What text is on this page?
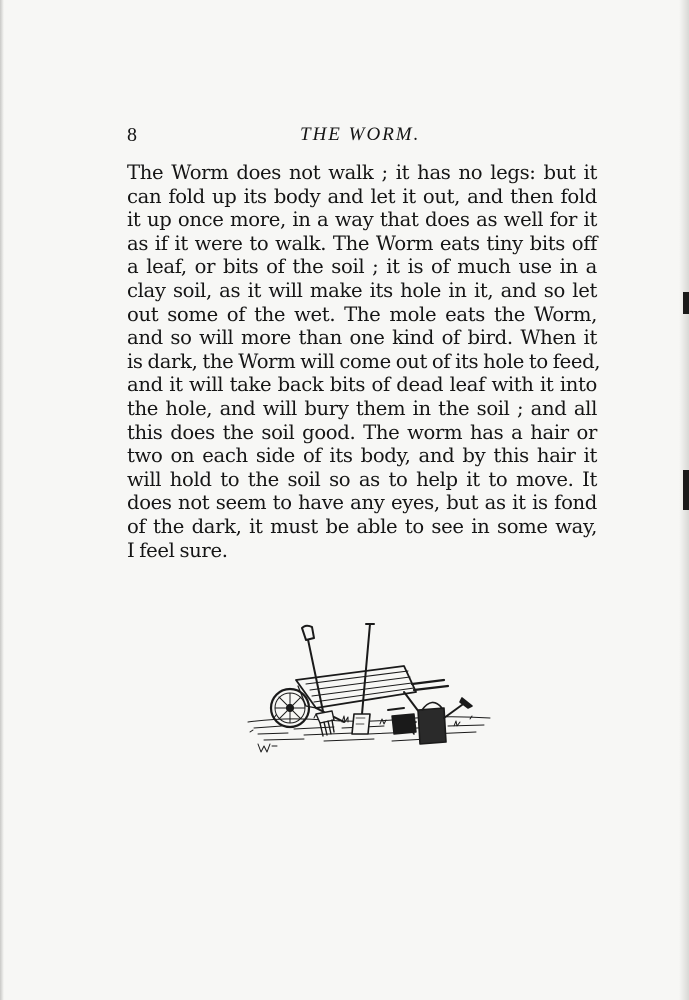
8	THE WORM.
The Worm does not walk ; it has no legs: but it
can fold up its body and let it out, and then fold
it up once more, in a way that does as well for it
as if it were to walk. The Worm eats tiny bits off
a leaf, or bits of the soil ; it is of much use in a
clay soil, as it will make its hole in it, and so let
out some of the wet. The mole eats the Worm,
and so will more than one kind of bird. When it
is dark, the Worm will come out of its hole to feed,
and it will take back bits of dead leaf with it into
the hole, and will bury them in the soil ; and all
this does the soil good. The worm has a hair or
two on each side of its body, and by this hair it
will hold to the soil so as to help it to move. It
does not seem to have any eyes, but as it is fond
of the dark, it must be able to see in some way,
I feel sure.
